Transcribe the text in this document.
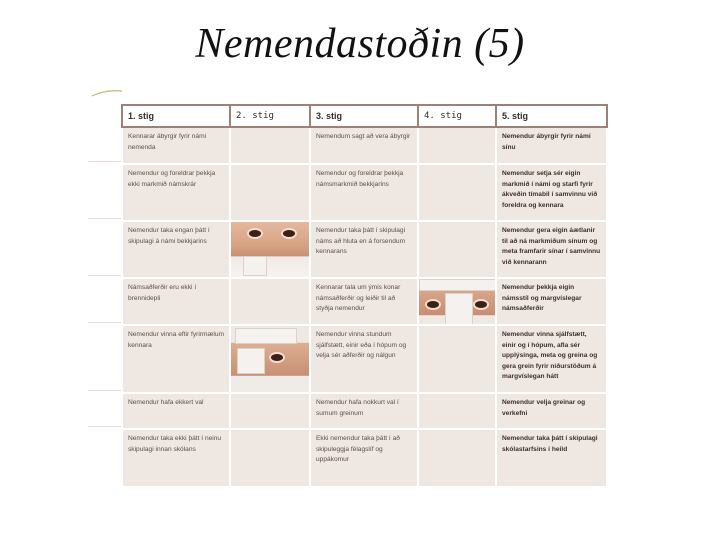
Nemendastoðin (5)
1. stig	2. stig	3. stig	4. stig	5. stig
Kennarar ábyrgir fyrir námi nemenda		Nemendum sagt að vera ábyrgir		Nemendur ábyrgir fyrir námi sínu
Nemendur og foreldrar þekkja ekki markmið námskrár		Nemendur og foreldrar þekkja námsmarkmið bekkjarins		Nemendur setja sér eigin markmið í námi og starfi fyrir ákveðin tímabil í samvinnu við foreldra og kennara
Nemendur taka engan þátt í skipulagi á námi bekkjarins		Nemendur taka þátt í skipulagi náms að hluta en á forsendum kennarans		Nemendur gera eigin áætlanir til að ná markmiðum sínum og meta framfarir sínar í samvinnu við kennarann
Námsaðferðir eru ekki í brennidepli		Kennarar tala um ýmis konar námsaðferðir og leiðir til að styðja nemendur		Nemendur þekkja eigin námsstíl og margvíslegar námsaðferðir
Nemendur vinna eftir fyrirmælum kennara		Nemendur vinna stundum sjálfstætt, einir eða í hópum og velja sér aðferðir og nálgun		Nemendur vinna sjálfstætt, einir og í hópum, afla sér upplýsinga, meta og greina og gera grein fyrir niðurstöðum á margvíslegan hátt
Nemendur hafa ekkert val		Nemendur hafa nokkurt val í sumum greinum		Nemendur velja greinar og verkefni
Nemendur taka ekki þátt í neinu skipulagi innan skólans		Ekki nemendur taka þátt í að skipuleggja félagslíf og uppákomur		Nemendur taka þátt í skipulagi skólastarfsins í heild
